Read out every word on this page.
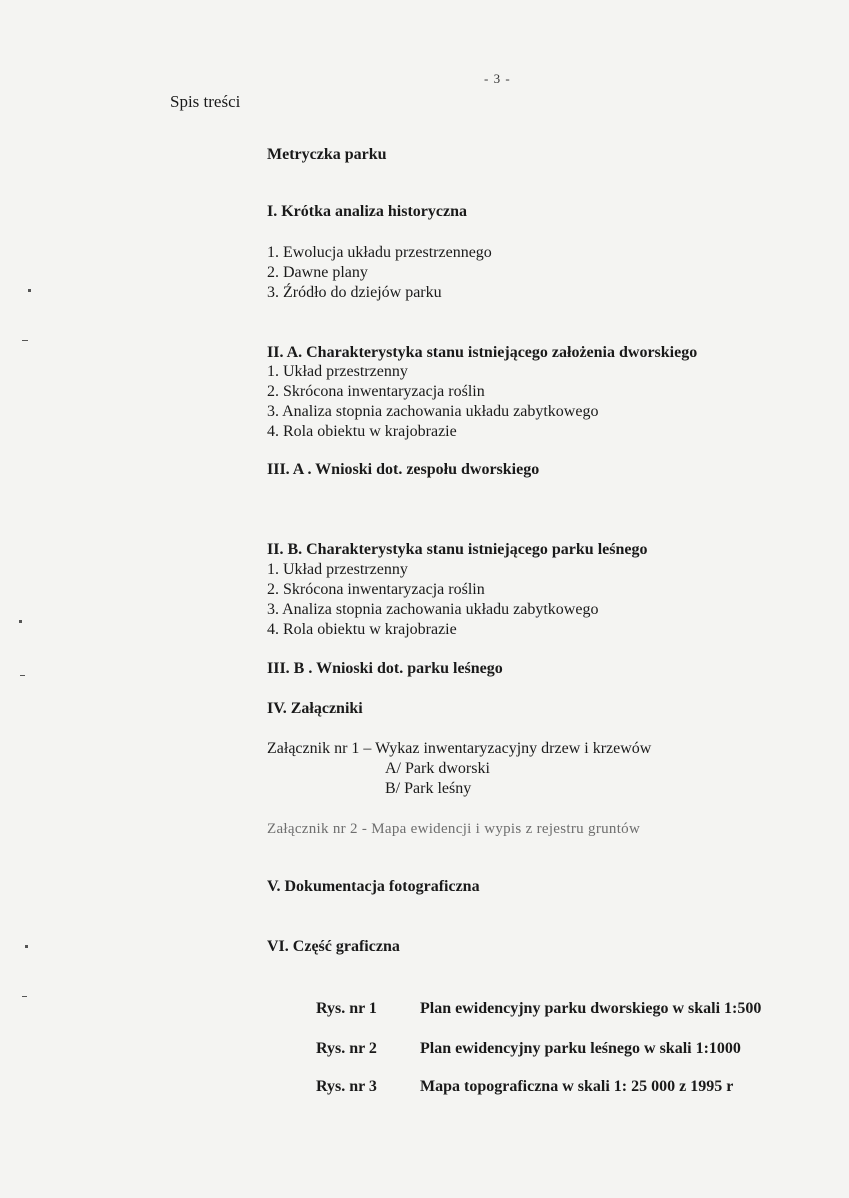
- 3 -
Spis treści
Metryczka parku
I. Krótka analiza historyczna
1. Ewolucja układu przestrzennego
2. Dawne plany
3. Źródło do dziejów parku
II. A. Charakterystyka stanu istniejącego założenia dworskiego
1. Układ przestrzenny
2. Skrócona inwentaryzacja roślin
3. Analiza stopnia zachowania układu zabytkowego
4. Rola obiektu w krajobrazie
III. A . Wnioski dot. zespołu dworskiego
II. B. Charakterystyka stanu istniejącego parku leśnego
1. Układ przestrzenny
2. Skrócona inwentaryzacja roślin
3. Analiza stopnia zachowania układu zabytkowego
4. Rola obiektu w krajobrazie
III. B . Wnioski dot. parku leśnego
IV. Załączniki
Załącznik nr 1 – Wykaz inwentaryzacyjny drzew i krzewów
A/ Park dworski
B/ Park leśny
Załącznik nr 2 - Mapa ewidencji i wypis z rejestru gruntów
V. Dokumentacja fotograficzna
VI. Część graficzna
Rys. nr 1	Plan ewidencyjny parku dworskiego w skali 1:500
Rys. nr 2	Plan ewidencyjny parku leśnego w skali 1:1000
Rys. nr 3	Mapa topograficzna w skali 1: 25 000 z 1995 r
